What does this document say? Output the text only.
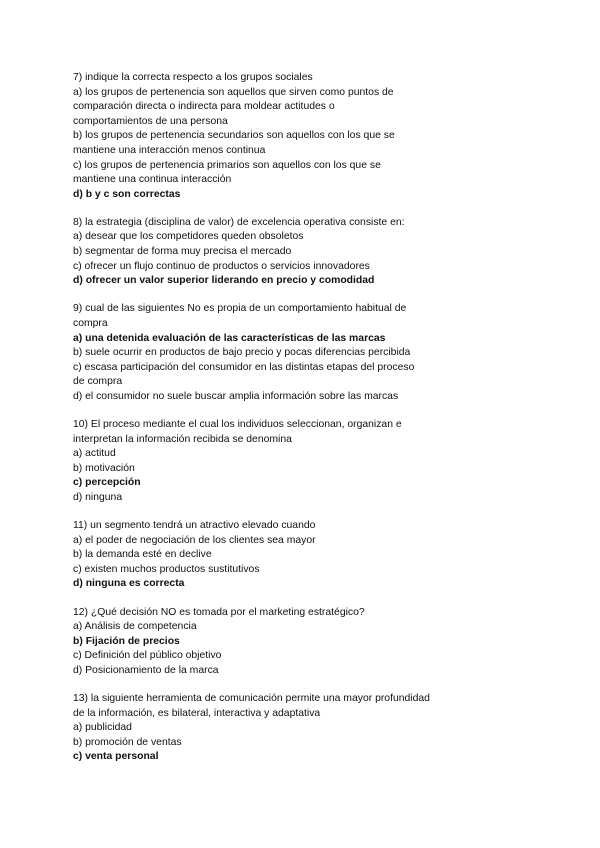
7) indique la correcta respecto a los grupos sociales
a) los grupos de pertenencia son aquellos que sirven como puntos de
comparación directa o indirecta para moldear actitudes o
comportamientos de una persona
b) los grupos de pertenencia secundarios son aquellos con los que se
mantiene una interacción menos continua
c) los grupos de pertenencia primarios son aquellos con los que se
mantiene una continua interacción
d) b y c son correctas
8) la estrategia (disciplina de valor) de excelencia operativa consiste en:
a) desear que los competidores queden obsoletos
b) segmentar de forma muy precisa el mercado
c) ofrecer un flujo continuo de productos o servicios innovadores
d) ofrecer un valor superior liderando en precio y comodidad
9) cual de las siguientes No es propia de un comportamiento habitual de
compra
a) una detenida evaluación de las características de las marcas
b) suele ocurrir en productos de bajo precio y pocas diferencias percibida
c) escasa participación del consumidor en las distintas etapas del proceso
de compra
d) el consumidor no suele buscar amplia información sobre las marcas
10) El proceso mediante el cual los individuos seleccionan, organizan e
interpretan la información recibida se denomina
a) actitud
b) motivación
c) percepción
d) ninguna
11) un segmento tendrá un atractivo elevado cuando
a) el poder de negociación de los clientes sea mayor
b) la demanda esté en declive
c) existen muchos productos sustitutivos
d) ninguna es correcta
12) ¿Qué decisión NO es tomada por el marketing estratégico?
a) Análisis de competencia
b) Fijación de precios
c) Definición del público objetivo
d) Posicionamiento de la marca
13) la siguiente herramienta de comunicación permite una mayor profundidad
de la información, es bilateral, interactiva y adaptativa
a) publicidad
b) promoción de ventas
c) venta personal
